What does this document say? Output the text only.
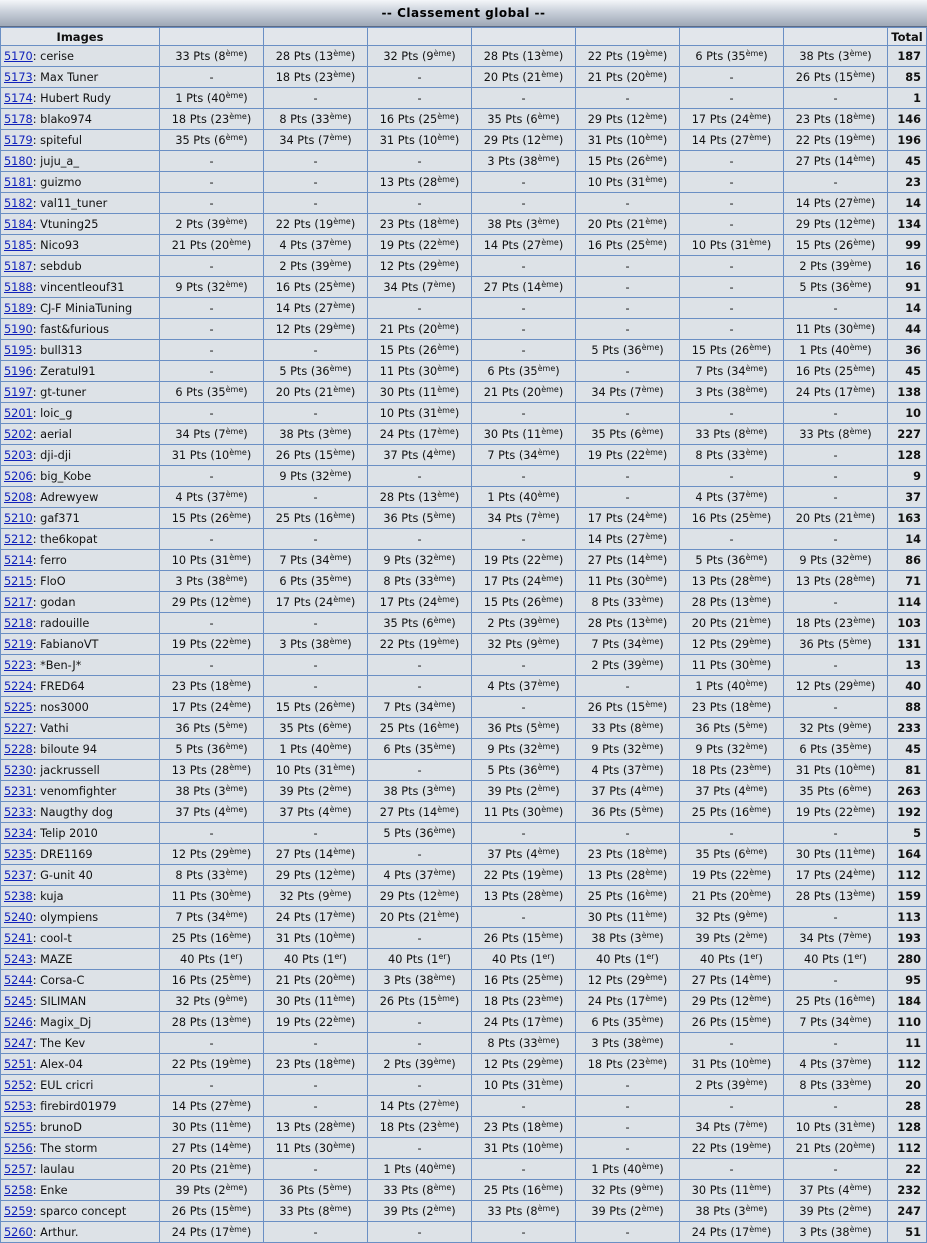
-- Classement global --
Images								Total
5170: cerise	33 Pts (8ème)	28 Pts (13ème)	32 Pts (9ème)	28 Pts (13ème)	22 Pts (19ème)	6 Pts (35ème)	38 Pts (3ème)	187
5173: Max Tuner	-	18 Pts (23ème)	-	20 Pts (21ème)	21 Pts (20ème)	-	26 Pts (15ème)	85
5174: Hubert Rudy	1 Pts (40ème)	-	-	-	-	-	-	1
5178: blako974	18 Pts (23ème)	8 Pts (33ème)	16 Pts (25ème)	35 Pts (6ème)	29 Pts (12ème)	17 Pts (24ème)	23 Pts (18ème)	146
5179: spiteful	35 Pts (6ème)	34 Pts (7ème)	31 Pts (10ème)	29 Pts (12ème)	31 Pts (10ème)	14 Pts (27ème)	22 Pts (19ème)	196
5180: juju_a_	-	-	-	3 Pts (38ème)	15 Pts (26ème)	-	27 Pts (14ème)	45
5181: guizmo	-	-	13 Pts (28ème)	-	10 Pts (31ème)	-	-	23
5182: val11_tuner	-	-	-	-	-	-	14 Pts (27ème)	14
5184: Vtuning25	2 Pts (39ème)	22 Pts (19ème)	23 Pts (18ème)	38 Pts (3ème)	20 Pts (21ème)	-	29 Pts (12ème)	134
5185: Nico93	21 Pts (20ème)	4 Pts (37ème)	19 Pts (22ème)	14 Pts (27ème)	16 Pts (25ème)	10 Pts (31ème)	15 Pts (26ème)	99
5187: sebdub	-	2 Pts (39ème)	12 Pts (29ème)	-	-	-	2 Pts (39ème)	16
5188: vincentleouf31	9 Pts (32ème)	16 Pts (25ème)	34 Pts (7ème)	27 Pts (14ème)	-	-	5 Pts (36ème)	91
5189: CJ-F MiniaTuning	-	14 Pts (27ème)	-	-	-	-	-	14
5190: fast&furious	-	12 Pts (29ème)	21 Pts (20ème)	-	-	-	11 Pts (30ème)	44
5195: bull313	-	-	15 Pts (26ème)	-	5 Pts (36ème)	15 Pts (26ème)	1 Pts (40ème)	36
5196: Zeratul91	-	5 Pts (36ème)	11 Pts (30ème)	6 Pts (35ème)	-	7 Pts (34ème)	16 Pts (25ème)	45
5197: gt-tuner	6 Pts (35ème)	20 Pts (21ème)	30 Pts (11ème)	21 Pts (20ème)	34 Pts (7ème)	3 Pts (38ème)	24 Pts (17ème)	138
5201: loic_g	-	-	10 Pts (31ème)	-	-	-	-	10
5202: aerial	34 Pts (7ème)	38 Pts (3ème)	24 Pts (17ème)	30 Pts (11ème)	35 Pts (6ème)	33 Pts (8ème)	33 Pts (8ème)	227
5203: dji-dji	31 Pts (10ème)	26 Pts (15ème)	37 Pts (4ème)	7 Pts (34ème)	19 Pts (22ème)	8 Pts (33ème)	-	128
5206: big_Kobe	-	9 Pts (32ème)	-	-	-	-	-	9
5208: Adrewyew	4 Pts (37ème)	-	28 Pts (13ème)	1 Pts (40ème)	-	4 Pts (37ème)	-	37
5210: gaf371	15 Pts (26ème)	25 Pts (16ème)	36 Pts (5ème)	34 Pts (7ème)	17 Pts (24ème)	16 Pts (25ème)	20 Pts (21ème)	163
5212: the6kopat	-	-	-	-	14 Pts (27ème)	-	-	14
5214: ferro	10 Pts (31ème)	7 Pts (34ème)	9 Pts (32ème)	19 Pts (22ème)	27 Pts (14ème)	5 Pts (36ème)	9 Pts (32ème)	86
5215: FloO	3 Pts (38ème)	6 Pts (35ème)	8 Pts (33ème)	17 Pts (24ème)	11 Pts (30ème)	13 Pts (28ème)	13 Pts (28ème)	71
5217: godan	29 Pts (12ème)	17 Pts (24ème)	17 Pts (24ème)	15 Pts (26ème)	8 Pts (33ème)	28 Pts (13ème)	-	114
5218: radouille	-	-	35 Pts (6ème)	2 Pts (39ème)	28 Pts (13ème)	20 Pts (21ème)	18 Pts (23ème)	103
5219: FabianoVT	19 Pts (22ème)	3 Pts (38ème)	22 Pts (19ème)	32 Pts (9ème)	7 Pts (34ème)	12 Pts (29ème)	36 Pts (5ème)	131
5223: *Ben-J*	-	-	-	-	2 Pts (39ème)	11 Pts (30ème)	-	13
5224: FRED64	23 Pts (18ème)	-	-	4 Pts (37ème)	-	1 Pts (40ème)	12 Pts (29ème)	40
5225: nos3000	17 Pts (24ème)	15 Pts (26ème)	7 Pts (34ème)	-	26 Pts (15ème)	23 Pts (18ème)	-	88
5227: Vathi	36 Pts (5ème)	35 Pts (6ème)	25 Pts (16ème)	36 Pts (5ème)	33 Pts (8ème)	36 Pts (5ème)	32 Pts (9ème)	233
5228: biloute 94	5 Pts (36ème)	1 Pts (40ème)	6 Pts (35ème)	9 Pts (32ème)	9 Pts (32ème)	9 Pts (32ème)	6 Pts (35ème)	45
5230: jackrussell	13 Pts (28ème)	10 Pts (31ème)	-	5 Pts (36ème)	4 Pts (37ème)	18 Pts (23ème)	31 Pts (10ème)	81
5231: venomfighter	38 Pts (3ème)	39 Pts (2ème)	38 Pts (3ème)	39 Pts (2ème)	37 Pts (4ème)	37 Pts (4ème)	35 Pts (6ème)	263
5233: Naugthy dog	37 Pts (4ème)	37 Pts (4ème)	27 Pts (14ème)	11 Pts (30ème)	36 Pts (5ème)	25 Pts (16ème)	19 Pts (22ème)	192
5234: Telip 2010	-	-	5 Pts (36ème)	-	-	-	-	5
5235: DRE1169	12 Pts (29ème)	27 Pts (14ème)	-	37 Pts (4ème)	23 Pts (18ème)	35 Pts (6ème)	30 Pts (11ème)	164
5237: G-unit 40	8 Pts (33ème)	29 Pts (12ème)	4 Pts (37ème)	22 Pts (19ème)	13 Pts (28ème)	19 Pts (22ème)	17 Pts (24ème)	112
5238: kuja	11 Pts (30ème)	32 Pts (9ème)	29 Pts (12ème)	13 Pts (28ème)	25 Pts (16ème)	21 Pts (20ème)	28 Pts (13ème)	159
5240: olympiens	7 Pts (34ème)	24 Pts (17ème)	20 Pts (21ème)	-	30 Pts (11ème)	32 Pts (9ème)	-	113
5241: cool-t	25 Pts (16ème)	31 Pts (10ème)	-	26 Pts (15ème)	38 Pts (3ème)	39 Pts (2ème)	34 Pts (7ème)	193
5243: MAZE	40 Pts (1er)	40 Pts (1er)	40 Pts (1er)	40 Pts (1er)	40 Pts (1er)	40 Pts (1er)	40 Pts (1er)	280
5244: Corsa-C	16 Pts (25ème)	21 Pts (20ème)	3 Pts (38ème)	16 Pts (25ème)	12 Pts (29ème)	27 Pts (14ème)	-	95
5245: SILIMAN	32 Pts (9ème)	30 Pts (11ème)	26 Pts (15ème)	18 Pts (23ème)	24 Pts (17ème)	29 Pts (12ème)	25 Pts (16ème)	184
5246: Magix_Dj	28 Pts (13ème)	19 Pts (22ème)	-	24 Pts (17ème)	6 Pts (35ème)	26 Pts (15ème)	7 Pts (34ème)	110
5247: The Kev	-	-	-	8 Pts (33ème)	3 Pts (38ème)	-	-	11
5251: Alex-04	22 Pts (19ème)	23 Pts (18ème)	2 Pts (39ème)	12 Pts (29ème)	18 Pts (23ème)	31 Pts (10ème)	4 Pts (37ème)	112
5252: EUL cricri	-	-	-	10 Pts (31ème)	-	2 Pts (39ème)	8 Pts (33ème)	20
5253: firebird01979	14 Pts (27ème)	-	14 Pts (27ème)	-	-	-	-	28
5255: brunoD	30 Pts (11ème)	13 Pts (28ème)	18 Pts (23ème)	23 Pts (18ème)	-	34 Pts (7ème)	10 Pts (31ème)	128
5256: The storm	27 Pts (14ème)	11 Pts (30ème)	-	31 Pts (10ème)	-	22 Pts (19ème)	21 Pts (20ème)	112
5257: laulau	20 Pts (21ème)	-	1 Pts (40ème)	-	1 Pts (40ème)	-	-	22
5258: Enke	39 Pts (2ème)	36 Pts (5ème)	33 Pts (8ème)	25 Pts (16ème)	32 Pts (9ème)	30 Pts (11ème)	37 Pts (4ème)	232
5259: sparco concept	26 Pts (15ème)	33 Pts (8ème)	39 Pts (2ème)	33 Pts (8ème)	39 Pts (2ème)	38 Pts (3ème)	39 Pts (2ème)	247
5260: Arthur.	24 Pts (17ème)	-	-	-	-	24 Pts (17ème)	3 Pts (38ème)	51
